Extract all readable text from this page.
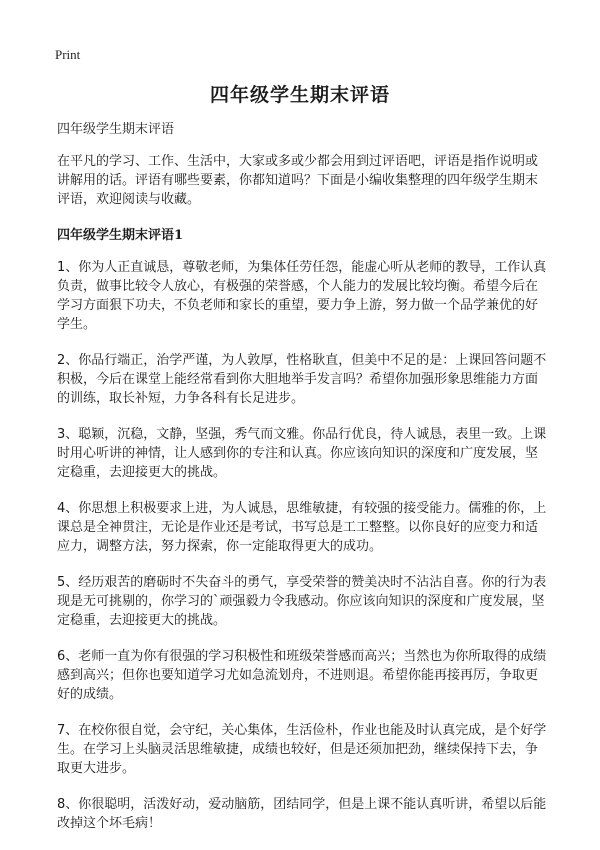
Print
四年级学生期末评语

四年级学生期末评语

在平凡的学习、工作、生活中，大家或多或少都会用到过评语吧，评语是指作说明或讲解用的话。评语有哪些要素，你都知道吗？下面是小编收集整理的四年级学生期末评语，欢迎阅读与收藏。

四年级学生期末评语1

1、你为人正直诚恳，尊敬老师，为集体任劳任怨，能虚心听从老师的教导，工作认真负责，做事比较令人放心，有极强的荣誉感，个人能力的发展比较均衡。希望今后在学习方面狠下功夫，不负老师和家长的重望，要力争上游，努力做一个品学兼优的好学生。

2、你品行端正，治学严谨，为人敦厚，性格耿直，但美中不足的是：上课回答问题不积极，今后在课堂上能经常看到你大胆地举手发言吗？希望你加强形象思维能力方面的训练，取长补短，力争各科有长足进步。

3、聪颖，沉稳，文静，坚强，秀气而文雅。你品行优良，待人诚恳，表里一致。上课时用心听讲的神情，让人感到你的专注和认真。你应该向知识的深度和广度发展，坚定稳重，去迎接更大的挑战。

4、你思想上积极要求上进，为人诚恳，思维敏捷，有较强的接受能力。儒雅的你，上课总是全神贯注，无论是作业还是考试，书写总是工工整整。以你良好的应变力和适应力，调整方法，努力探索，你一定能取得更大的成功。

5、经历艰苦的磨砺时不失奋斗的勇气，享受荣誉的赞美决时不沾沾自喜。你的行为表现是无可挑剔的，你学习的`顽强毅力令我感动。你应该向知识的深度和广度发展，坚定稳重，去迎接更大的挑战。

6、老师一直为你有很强的学习积极性和班级荣誉感而高兴；当然也为你所取得的成绩感到高兴；但你也要知道学习尤如急流划舟，不进则退。希望你能再接再厉，争取更好的成绩。

7、在校你很自觉，会守纪，关心集体，生活俭朴，作业也能及时认真完成，是个好学生。在学习上头脑灵活思维敏捷，成绩也较好，但是还须加把劲，继续保持下去，争取更大进步。

8、你很聪明，活泼好动，爱动脑筋，团结同学，但是上课不能认真听讲，希望以后能改掉这个坏毛病！
